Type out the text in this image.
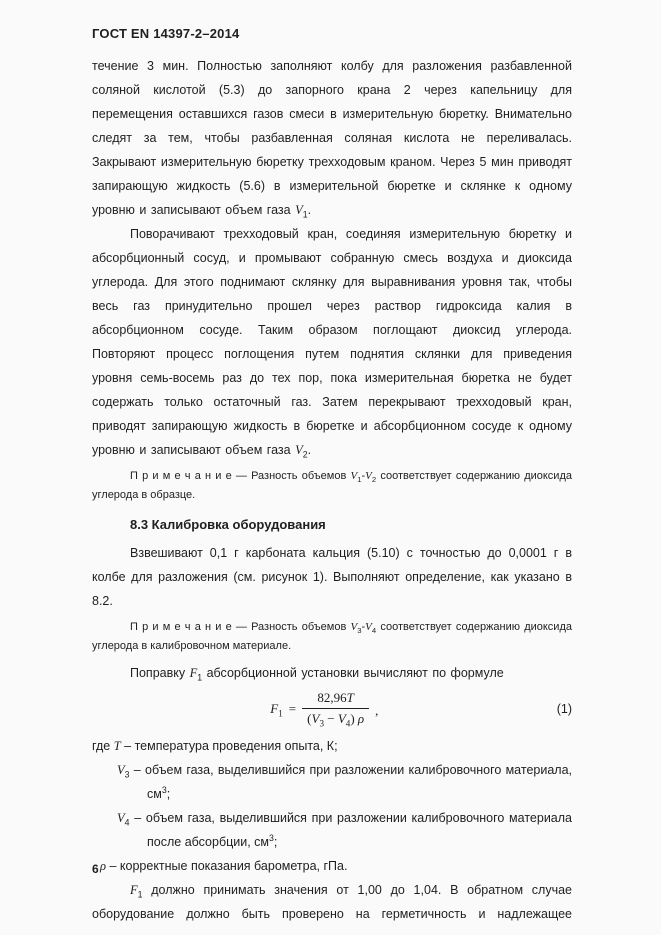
ГОСТ EN 14397-2–2014

течение 3 мин. Полностью заполняют колбу для разложения разбавленной соляной кислотой (5.3) до запорного крана 2 через капельницу для перемещения оставшихся газов смеси в измерительную бюретку. Внимательно следят за тем, чтобы разбавленная соляная кислота не переливалась. Закрывают измерительную бюретку трехходовым краном. Через 5 мин приводят запирающую жидкость (5.6) в измерительной бюретке и склянке к одному уровню и записывают объем газа $V_1$.

Поворачивают трехходовый кран, соединяя измерительную бюретку и абсорбционный сосуд, и промывают собранную смесь воздуха и диоксида углерода. Для этого поднимают склянку для выравнивания уровня так, чтобы весь газ принудительно прошел через раствор гидроксида калия в абсорбционном сосуде. Таким образом поглощают диоксид углерода. Повторяют процесс поглощения путем поднятия склянки для приведения уровня семь-восемь раз до тех пор, пока измерительная бюретка не будет содержать только остаточный газ. Затем перекрывают трехходовый кран, приводят запирающую жидкость в бюретке и абсорбционном сосуде к одному уровню и записывают объем газа $V_2$.

П р и м е ч а н и е — Разность объемов $V_1-V_2$ соответствует содержанию диоксида углерода в образце.

8.3 Калибровка оборудования

Взвешивают 0,1 г карбоната кальция (5.10) с точностью до 0,0001 г в колбе для разложения (см. рисунок 1). Выполняют определение, как указано в 8.2.

П р и м е ч а н и е — Разность объемов $V_3-V_4$ соответствует содержанию диоксида углерода в калибровочном материале.

Поправку $F_1$ абсорбционной установки вычисляют по формуле

$F_1 = \frac{82,96T}{(V_3 - V_4) \rho}$ ,	(1)

где T – температура проведения опыта, К;

$V_3$ – объем газа, выделившийся при разложении калибровочного материала, $см^3$;

$V_4$ – объем газа, выделившийся при разложении калибровочного материала после абсорбции, $см^3$;

ρ – корректные показания барометра, гПа.

$F_1$ должно принимать значения от 1,00 до 1,04. В обратном случае оборудование должно быть проверено на герметичность и надлежащее

6
